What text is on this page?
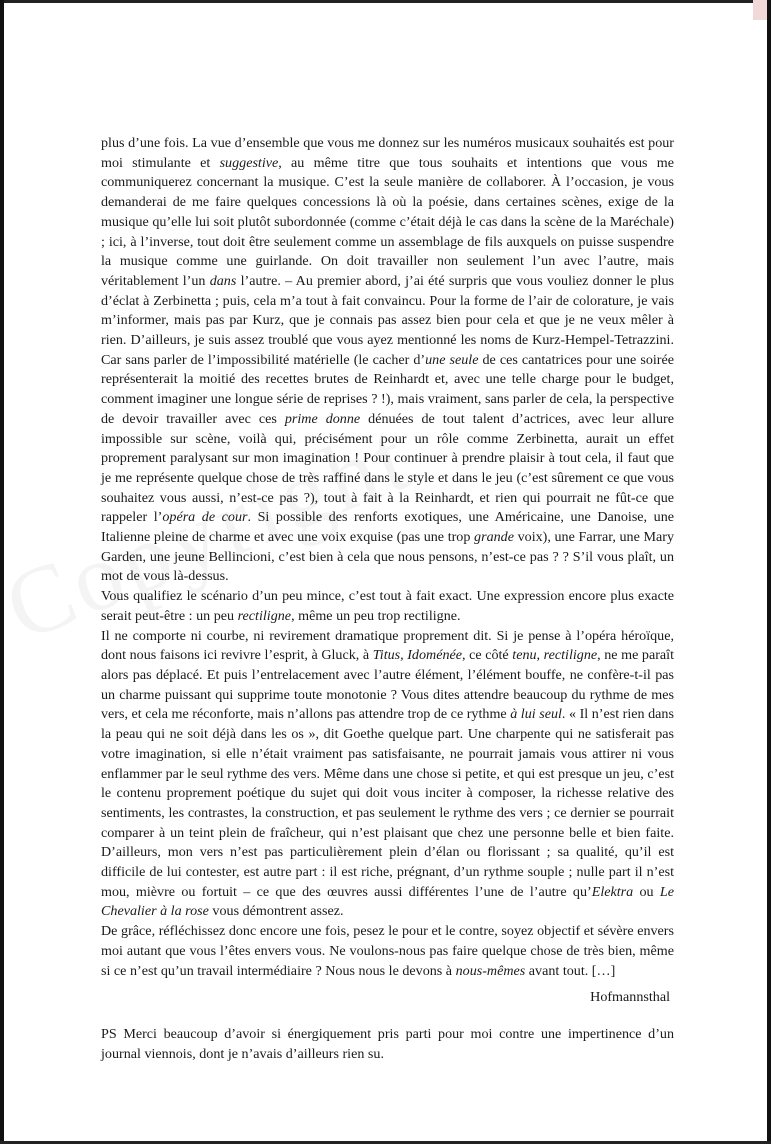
plus d’une fois. La vue d’ensemble que vous me donnez sur les numéros musicaux souhaités est pour moi stimulante et suggestive, au même titre que tous souhaits et intentions que vous me communiquerez concernant la musique. C’est la seule manière de collaborer. À l’occasion, je vous demanderai de me faire quelques concessions là où la poésie, dans certaines scènes, exige de la musique qu’elle lui soit plutôt subordonnée (comme c’était déjà le cas dans la scène de la Maréchale) ; ici, à l’inverse, tout doit être seulement comme un assemblage de fils auxquels on puisse suspendre la musique comme une guirlande. On doit travailler non seulement l’un avec l’autre, mais véritablement l’un dans l’autre. – Au premier abord, j’ai été surpris que vous vouliez donner le plus d’éclat à Zerbinetta ; puis, cela m’a tout à fait convaincu. Pour la forme de l’air de colorature, je vais m’informer, mais pas par Kurz, que je connais pas assez bien pour cela et que je ne veux mêler à rien. D’ailleurs, je suis assez troublé que vous ayez mentionné les noms de Kurz-Hempel-Tetrazzini. Car sans parler de l’impossibilité matérielle (le cacher d’une seule de ces cantatrices pour une soirée représenterait la moitié des recettes brutes de Reinhardt et, avec une telle charge pour le budget, comment imaginer une longue série de reprises ? !), mais vraiment, sans parler de cela, la perspective de devoir travailler avec ces prime donne dénuées de tout talent d’actrices, avec leur allure impossible sur scène, voilà qui, précisément pour un rôle comme Zerbinetta, aurait un effet proprement paralysant sur mon imagination ! Pour continuer à prendre plaisir à tout cela, il faut que je me représente quelque chose de très raffiné dans le style et dans le jeu (c’est sûrement ce que vous souhaitez vous aussi, n’est-ce pas ?), tout à fait à la Reinhardt, et rien qui pourrait ne fût-ce que rappeler l’opéra de cour. Si possible des renforts exotiques, une Américaine, une Danoise, une Italienne pleine de charme et avec une voix exquise (pas une trop grande voix), une Farrar, une Mary Garden, une jeune Bellincioni, c’est bien à cela que nous pensons, n’est-ce pas ? ? S’il vous plaît, un mot de vous là-dessus.

Vous qualifiez le scénario d’un peu mince, c’est tout à fait exact. Une expression encore plus exacte serait peut-être : un peu rectiligne, même un peu trop rectiligne.

Il ne comporte ni courbe, ni revirement dramatique proprement dit. Si je pense à l’opéra héroïque, dont nous faisons ici revivre l’esprit, à Gluck, à Titus, Idoménée, ce côté tenu, rectiligne, ne me paraît alors pas déplacé. Et puis l’entrelacement avec l’autre élément, l’élément bouffe, ne confère-t-il pas un charme puissant qui supprime toute monotonie ? Vous dites attendre beaucoup du rythme de mes vers, et cela me réconforte, mais n’allons pas attendre trop de ce rythme à lui seul. « Il n’est rien dans la peau qui ne soit déjà dans les os », dit Goethe quelque part. Une charpente qui ne satisferait pas votre imagination, si elle n’était vraiment pas satisfaisante, ne pourrait jamais vous attirer ni vous enflammer par le seul rythme des vers. Même dans une chose si petite, et qui est presque un jeu, c’est le contenu proprement poétique du sujet qui doit vous inciter à composer, la richesse relative des sentiments, les contrastes, la construction, et pas seulement le rythme des vers ; ce dernier se pourrait comparer à un teint plein de fraîcheur, qui n’est plaisant que chez une personne belle et bien faite. D’ailleurs, mon vers n’est pas particulièrement plein d’élan ou florissant ; sa qualité, qu’il est difficile de lui contester, est autre part : il est riche, prégnant, d’un rythme souple ; nulle part il n’est mou, mièvre ou fortuit – ce que des œuvres aussi différentes l’une de l’autre qu’Elektra ou Le Chevalier à la rose vous démontrent assez.

De grâce, réfléchissez donc encore une fois, pesez le pour et le contre, soyez objectif et sévère envers moi autant que vous l’êtes envers vous. Ne voulons-nous pas faire quelque chose de très bien, même si ce n’est qu’un travail intermédiaire ? Nous nous le devons à nous-mêmes avant tout. […]

Hofmannsthal
PS Merci beaucoup d’avoir si énergiquement pris parti pour moi contre une impertinence d’un journal viennois, dont je n’avais d’ailleurs rien su.
